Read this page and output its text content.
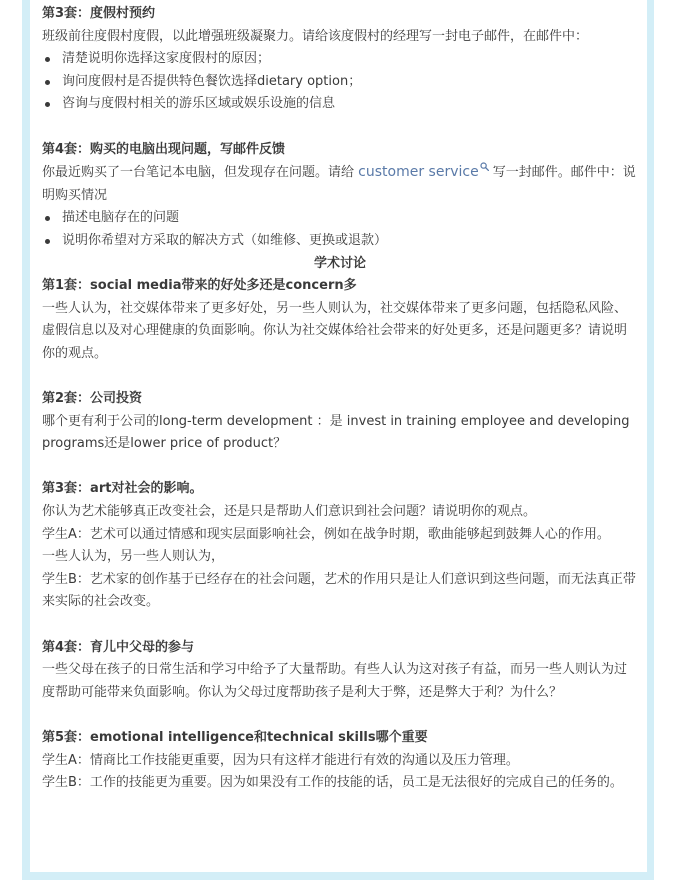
第3套：度假村预约

班级前往度假村度假，以此增强班级凝聚力。请给该度假村的经理写一封电子邮件，在邮件中：

清楚说明你选择这家度假村的原因；
询问度假村是否提供特色餐饮选择dietary option；
咨询与度假村相关的游乐区域或娱乐设施的信息

第4套：购买的电脑出现问题，写邮件反馈

你最近购买了一台笔记本电脑，但发现存在问题。请给 customer service 写一封邮件。邮件中：说明购买情况

描述电脑存在的问题
说明你希望对方采取的解决方式（如维修、更换或退款）

学术讨论

第1套：social media带来的好处多还是concern多

一些人认为，社交媒体带来了更多好处，另一些人则认为，社交媒体带来了更多问题，包括隐私风险、虚假信息以及对心理健康的负面影响。你认为社交媒体给社会带来的好处更多，还是问题更多？请说明你的观点。

第2套：公司投资

哪个更有利于公司的long-term development ：是 invest in training employee and developing programs还是lower price of product？

第3套：art对社会的影响。

你认为艺术能够真正改变社会，还是只是帮助人们意识到社会问题？请说明你的观点。

学生A：艺术可以通过情感和现实层面影响社会，例如在战争时期，歌曲能够起到鼓舞人心的作用。

一些人认为，另一些人则认为，

学生B：艺术家的创作基于已经存在的社会问题，艺术的作用只是让人们意识到这些问题，而无法真正带来实际的社会改变。

第4套：育儿中父母的参与

一些父母在孩子的日常生活和学习中给予了大量帮助。有些人认为这对孩子有益，而另一些人则认为过度帮助可能带来负面影响。你认为父母过度帮助孩子是利大于弊，还是弊大于利？为什么？

第5套：emotional intelligence和technical skills哪个重要

学生A：情商比工作技能更重要，因为只有这样才能进行有效的沟通以及压力管理。

学生B：工作的技能更为重要。因为如果没有工作的技能的话，员工是无法很好的完成自己的任务的。
